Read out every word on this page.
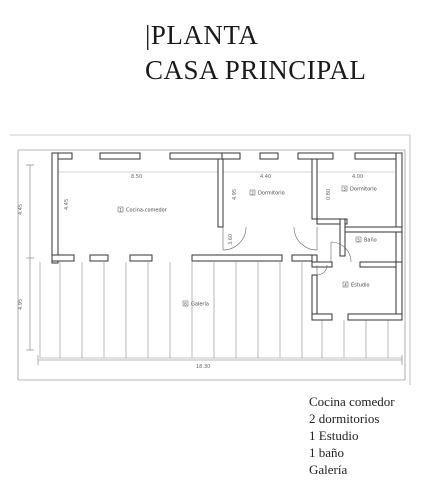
|PLANTA
CASA PRINCIPAL
1 Cocina-comedor
2 Dormitorio
3 Dormitorio
5 Baño
4 Estudio
6 Galería
8.50	4.40	4.00
18.30
4.45
4.95
4.45
4.95	0.80
3.60
Cocina comedor
2 dormitorios
1 Estudio
1 baño
Galería
